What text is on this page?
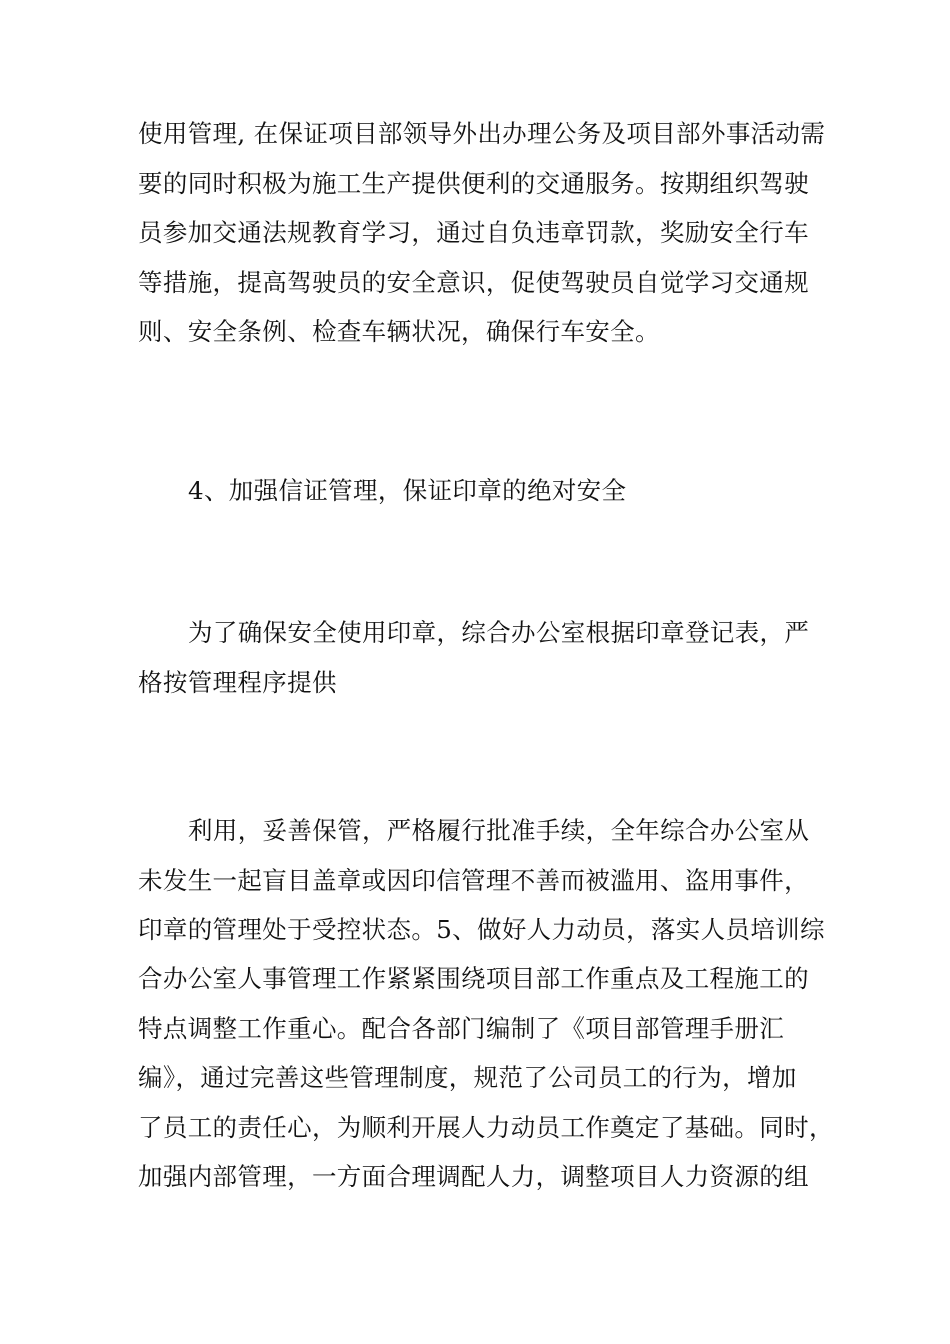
使用管理, 在保证项目部领导外出办理公务及项目部外事活动需
要的同时积极为施工生产提供便利的交通服务。按期组织驾驶
员参加交通法规教育学习，通过自负违章罚款，奖励安全行车
等措施，提高驾驶员的安全意识，促使驾驶员自觉学习交通规
则、安全条例、检查车辆状况，确保行车安全。
4、加强信证管理，保证印章的绝对安全
为了确保安全使用印章，综合办公室根据印章登记表，严
格按管理程序提供
利用，妥善保管，严格履行批准手续，全年综合办公室从
未发生一起盲目盖章或因印信管理不善而被滥用、盗用事件，
印章的管理处于受控状态。5、做好人力动员，落实人员培训综
合办公室人事管理工作紧紧围绕项目部工作重点及工程施工的
特点调整工作重心。配合各部门编制了《项目部管理手册汇
编》，通过完善这些管理制度，规范了公司员工的行为，增加
了员工的责任心，为顺利开展人力动员工作奠定了基础。同时，
加强内部管理，一方面合理调配人力，调整项目人力资源的组
